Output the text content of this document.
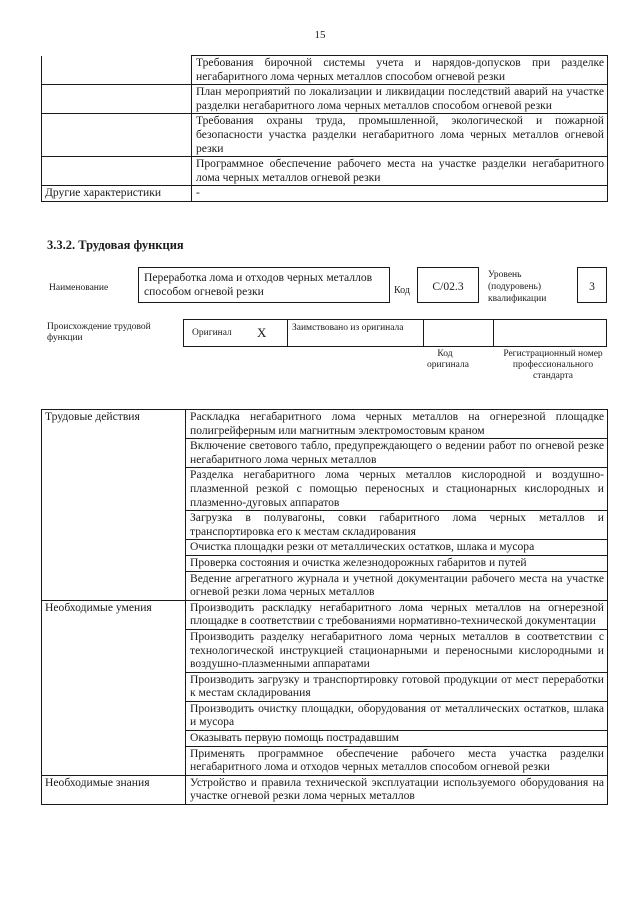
15
	Требования бирочной системы учета и нарядов-допусков при разделке негабаритного лома черных металлов способом огневой резки
	План мероприятий по локализации и ликвидации последствий аварий на участке разделки негабаритного лома черных металлов способом огневой резки
	Требования охраны труда, промышленной, экологической и пожарной безопасности участка разделки негабаритного лома черных металлов огневой резки
	Программное обеспечение рабочего места на участке разделки негабаритного лома черных металлов огневой резки
Другие характеристики	-
3.3.2. Трудовая функция
Наименование
Переработка лома и отходов черных металлов способом огневой резки	Код	С/02.3
Уровень (подуровень) квалификации
3
Происхождение трудовой функции	Оригинал X	Заимствовано из оригинала
Код оригинала
Регистрационный номер профессионального стандарта
Трудовые действия	Раскладка негабаритного лома черных металлов на огнерезной площадке полигрейферным или магнитным электромостовым краном
	Включение светового табло, предупреждающего о ведении работ по огневой резке негабаритного лома черных металлов
	Разделка негабаритного лома черных металлов кислородной и воздушно-плазменной резкой с помощью переносных и стационарных кислородных и плазменно-дуговых аппаратов
	Загрузка в полувагоны, совки габаритного лома черных металлов и транспортировка его к местам складирования
	Очистка площадки резки от металлических остатков, шлака и мусора
	Проверка состояния и очистка железнодорожных габаритов и путей
	Ведение агрегатного журнала и учетной документации рабочего места на участке огневой резки лома черных металлов
Необходимые умения	Производить раскладку негабаритного лома черных металлов на огнерезной площадке в соответствии с требованиями нормативно-технической документации
	Производить разделку негабаритного лома черных металлов в соответствии с технологической инструкцией стационарными и переносными кислородными и воздушно-плазменными аппаратами
	Производить загрузку и транспортировку готовой продукции от мест переработки к местам складирования
	Производить очистку площадки, оборудования от металлических остатков, шлака и мусора
	Оказывать первую помощь пострадавшим
	Применять программное обеспечение рабочего места участка разделки негабаритного лома и отходов черных металлов способом огневой резки
Необходимые знания	Устройство и правила технической эксплуатации используемого оборудования на участке огневой резки лома черных металлов
